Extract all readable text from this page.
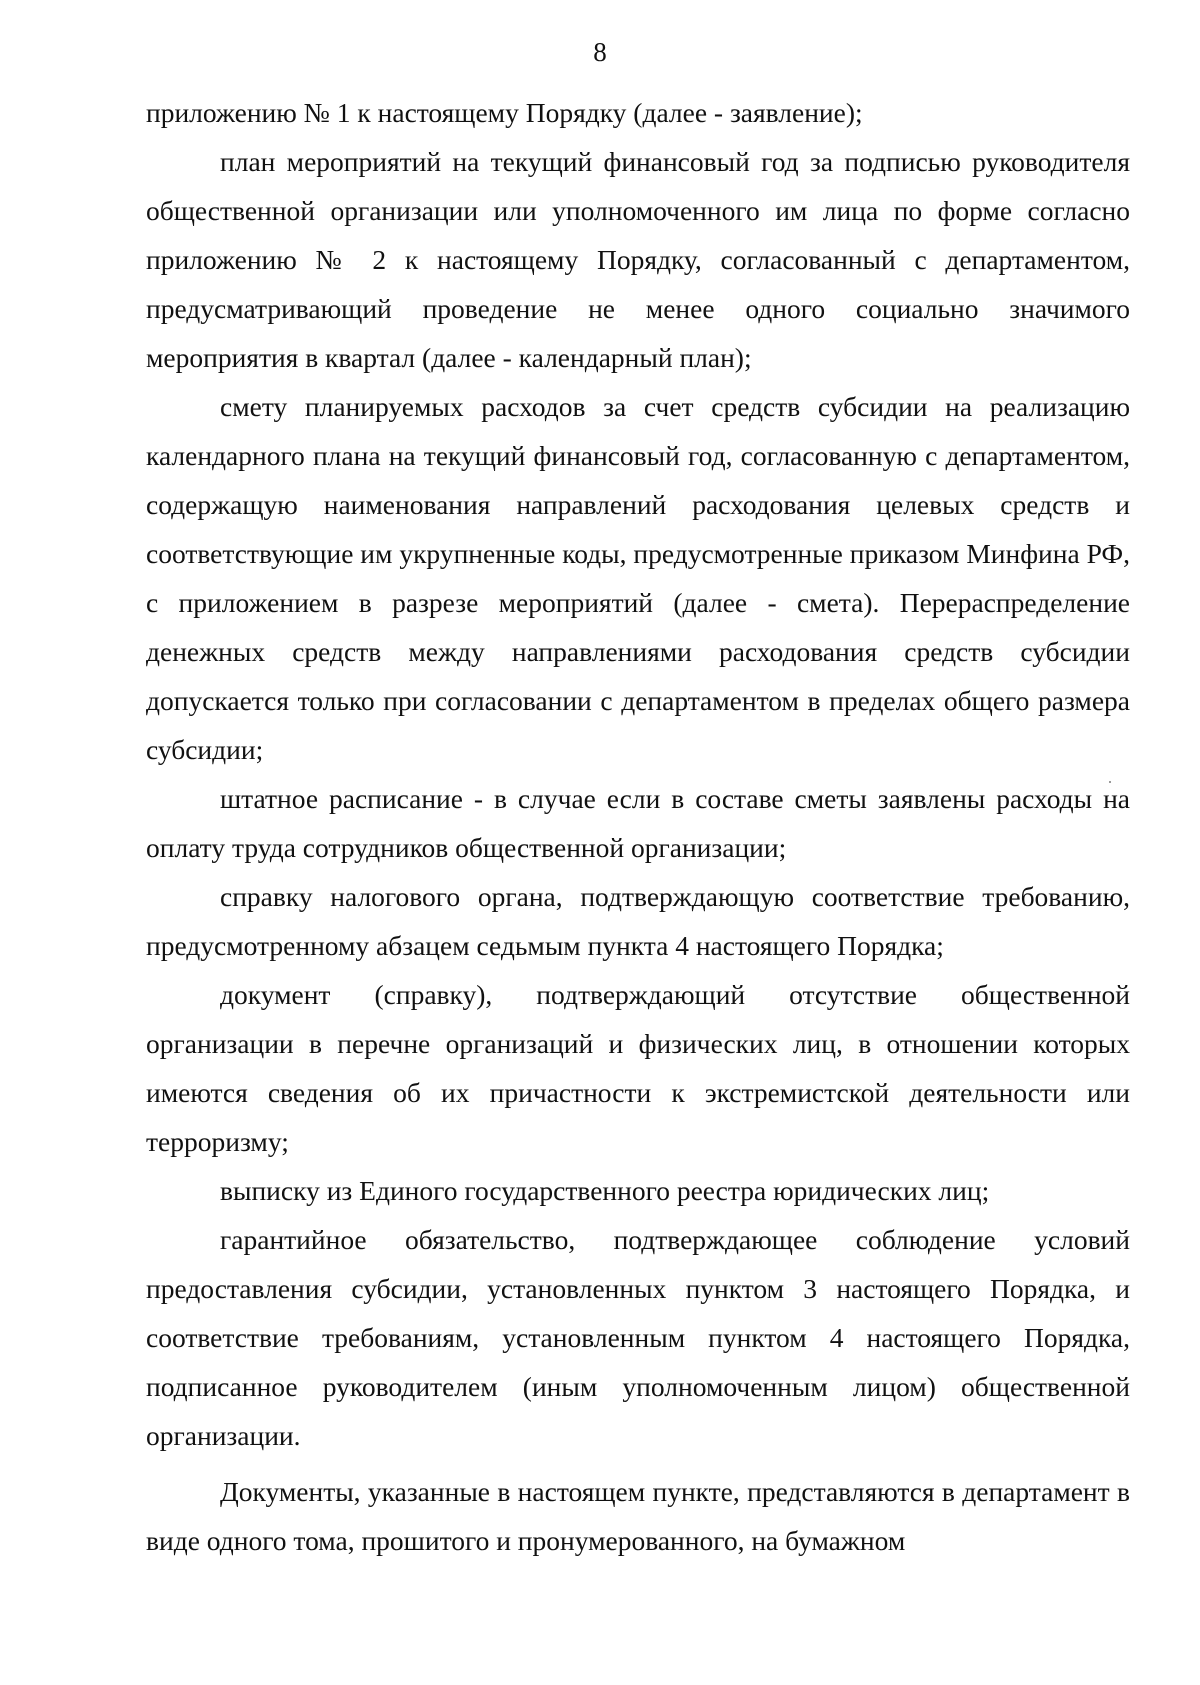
8

приложению № 1 к настоящему Порядку (далее - заявление);

план мероприятий на текущий финансовый год за подписью руководителя общественной организации или уполномоченного им лица по форме согласно приложению № 2 к настоящему Порядку, согласованный с департаментом, предусматривающий проведение не менее одного социально значимого мероприятия в квартал (далее - календарный план);

смету планируемых расходов за счет средств субсидии на реализацию календарного плана на текущий финансовый год, согласованную с департаментом, содержащую наименования направлений расходования целевых средств и соответствующие им укрупненные коды, предусмотренные приказом Минфина РФ, с приложением в разрезе мероприятий (далее - смета). Перераспределение денежных средств между направлениями расходования средств субсидии допускается только при согласовании с департаментом в пределах общего размера субсидии;

штатное расписание - в случае если в составе сметы заявлены расходы на оплату труда сотрудников общественной организации;

справку налогового органа, подтверждающую соответствие требованию, предусмотренному абзацем седьмым пункта 4 настоящего Порядка;

документ (справку), подтверждающий отсутствие общественной организации в перечне организаций и физических лиц, в отношении которых имеются сведения об их причастности к экстремистской деятельности или терроризму;

выписку из Единого государственного реестра юридических лиц;

гарантийное обязательство, подтверждающее соблюдение условий предоставления субсидии, установленных пунктом 3 настоящего Порядка, и соответствие требованиям, установленным пунктом 4 настоящего Порядка, подписанное руководителем (иным уполномоченным лицом) общественной организации.

Документы, указанные в настоящем пункте, представляются в департамент в виде одного тома, прошитого и пронумерованного, на бумажном
